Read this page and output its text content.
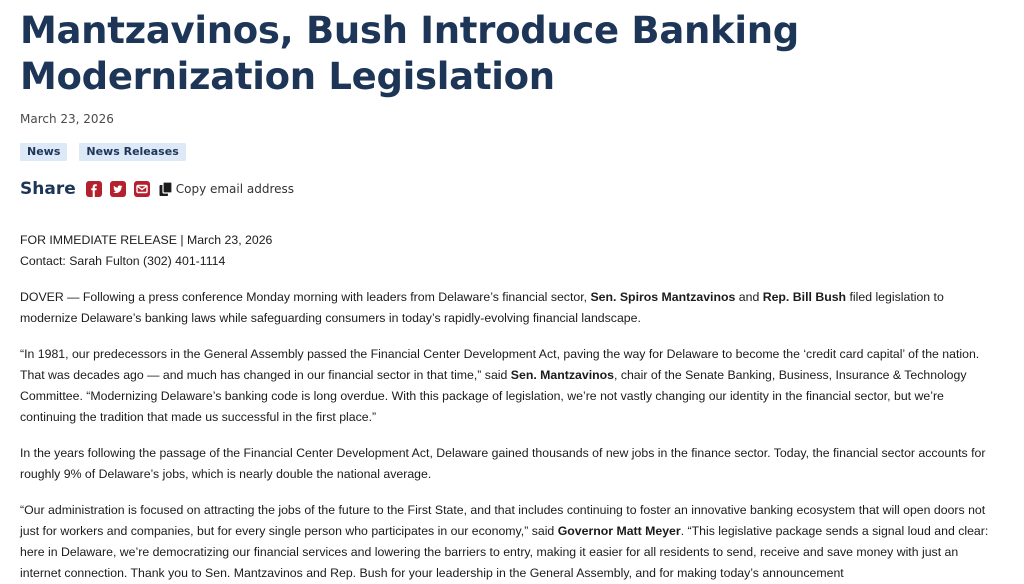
Mantzavinos, Bush Introduce Banking Modernization Legislation
March 23, 2026
News	News Releases
Share	Copy email address

FOR IMMEDIATE RELEASE | March 23, 2026
Contact: Sarah Fulton (302) 401-1114

DOVER — Following a press conference Monday morning with leaders from Delaware’s financial sector, Sen. Spiros Mantzavinos and Rep. Bill Bush filed legislation to modernize Delaware’s banking laws while safeguarding consumers in today’s rapidly-evolving financial landscape.

“In 1981, our predecessors in the General Assembly passed the Financial Center Development Act, paving the way for Delaware to become the ‘credit card capital’ of the nation. That was decades ago — and much has changed in our financial sector in that time,” said Sen. Mantzavinos, chair of the Senate Banking, Business, Insurance & Technology Committee. “Modernizing Delaware’s banking code is long overdue. With this package of legislation, we’re not vastly changing our identity in the financial sector, but we’re continuing the tradition that made us successful in the first place.”

In the years following the passage of the Financial Center Development Act, Delaware gained thousands of new jobs in the finance sector. Today, the financial sector accounts for roughly 9% of Delaware’s jobs, which is nearly double the national average.

“Our administration is focused on attracting the jobs of the future to the First State, and that includes continuing to foster an innovative banking ecosystem that will open doors not just for workers and companies, but for every single person who participates in our economy,” said Governor Matt Meyer. “This legislative package sends a signal loud and clear: here in Delaware, we’re democratizing our financial services and lowering the barriers to entry, making it easier for all residents to send, receive and save money with just an internet connection. Thank you to Sen. Mantzavinos and Rep. Bush for your leadership in the General Assembly, and for making today’s announcement
